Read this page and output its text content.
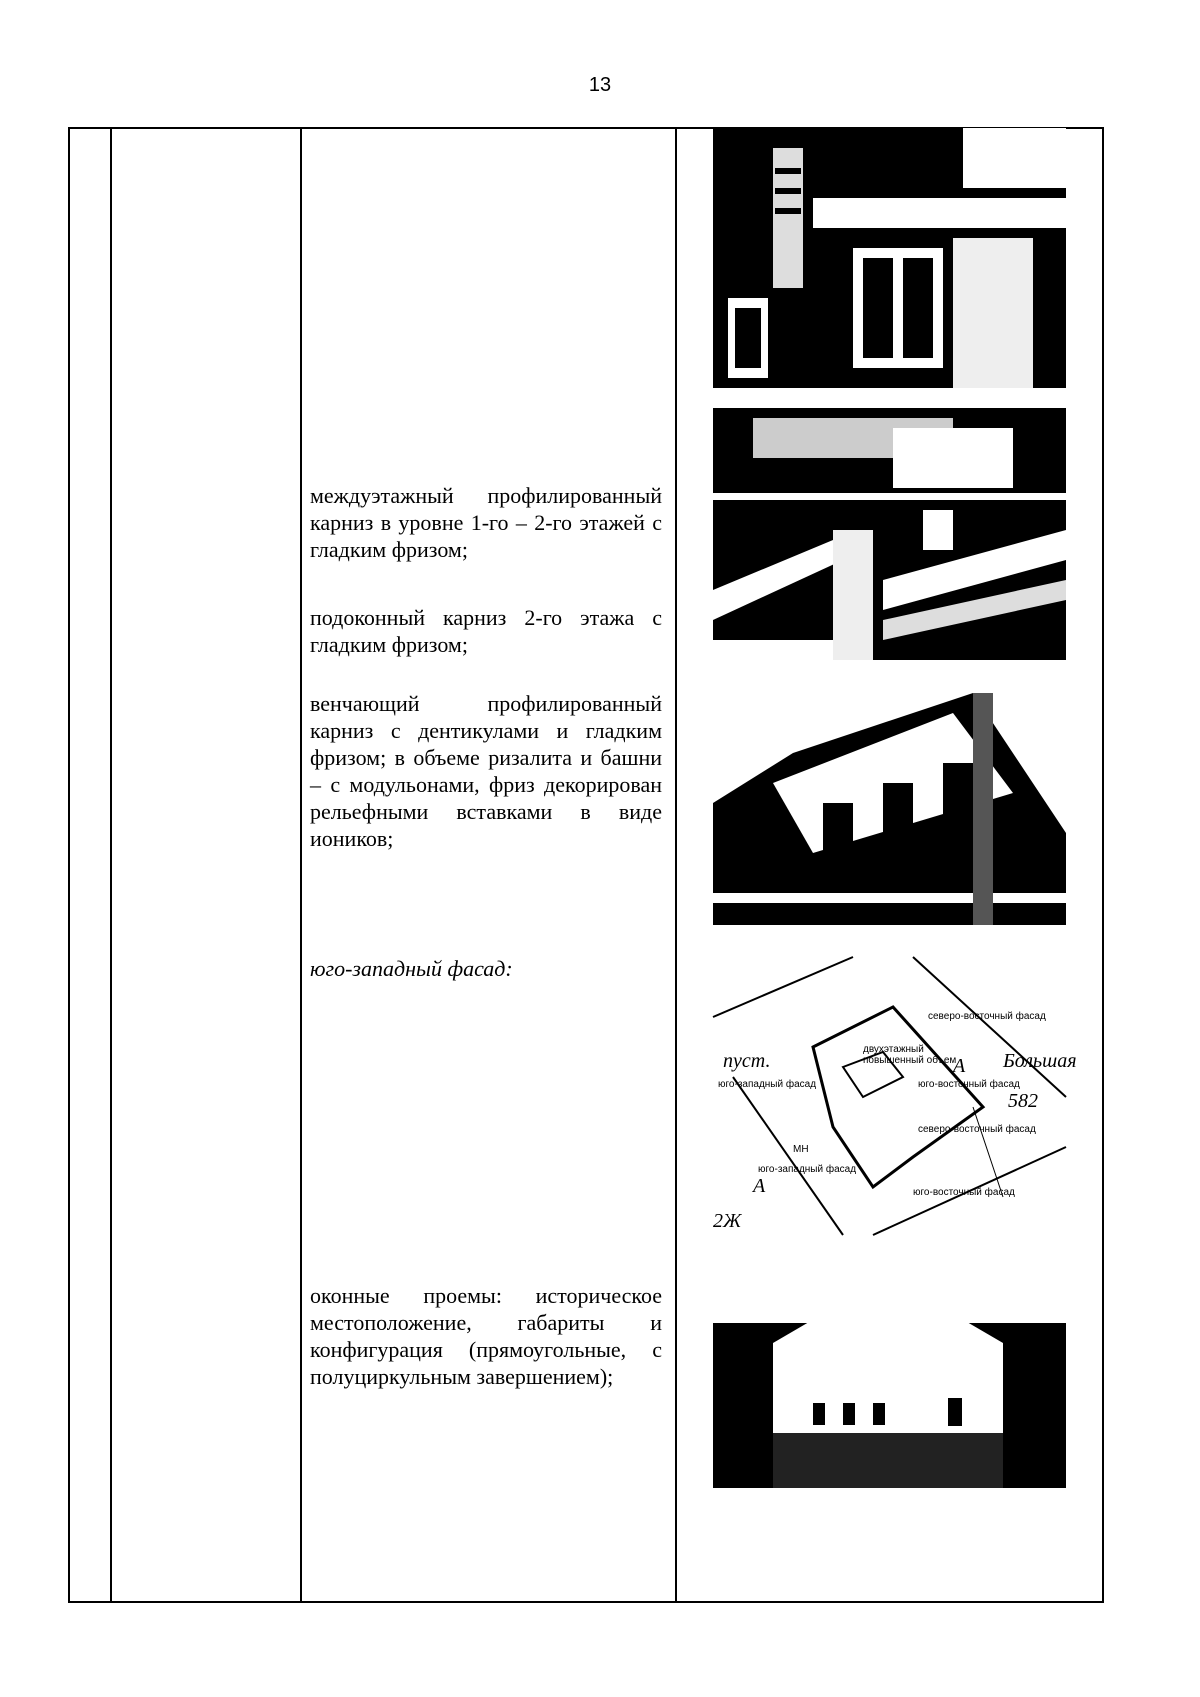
13
междуэтажный профилированный карниз в уровне 1-го – 2-го этажей с гладким фризом;
подоконный карниз 2-го этажа с гладким фризом;
венчающий профилированный карниз с дентикулами и гладким фризом; в объеме ризалита и башни – с модульонами, фриз декорирован рельефными вставками в виде иоников;
юго-западный фасад:
оконные проемы: историческое местоположение, габариты и конфигурация (прямоугольные, с полуциркульным завершением);
северо-восточный фасад
двухэтажный
повышенный объем
пуст.
юго-западный фасад	юго-восточный фасад
северо-восточный фасад
юго-западный фасад
юго-восточный фасад
Большая
582
А
А
МН
2Ж
